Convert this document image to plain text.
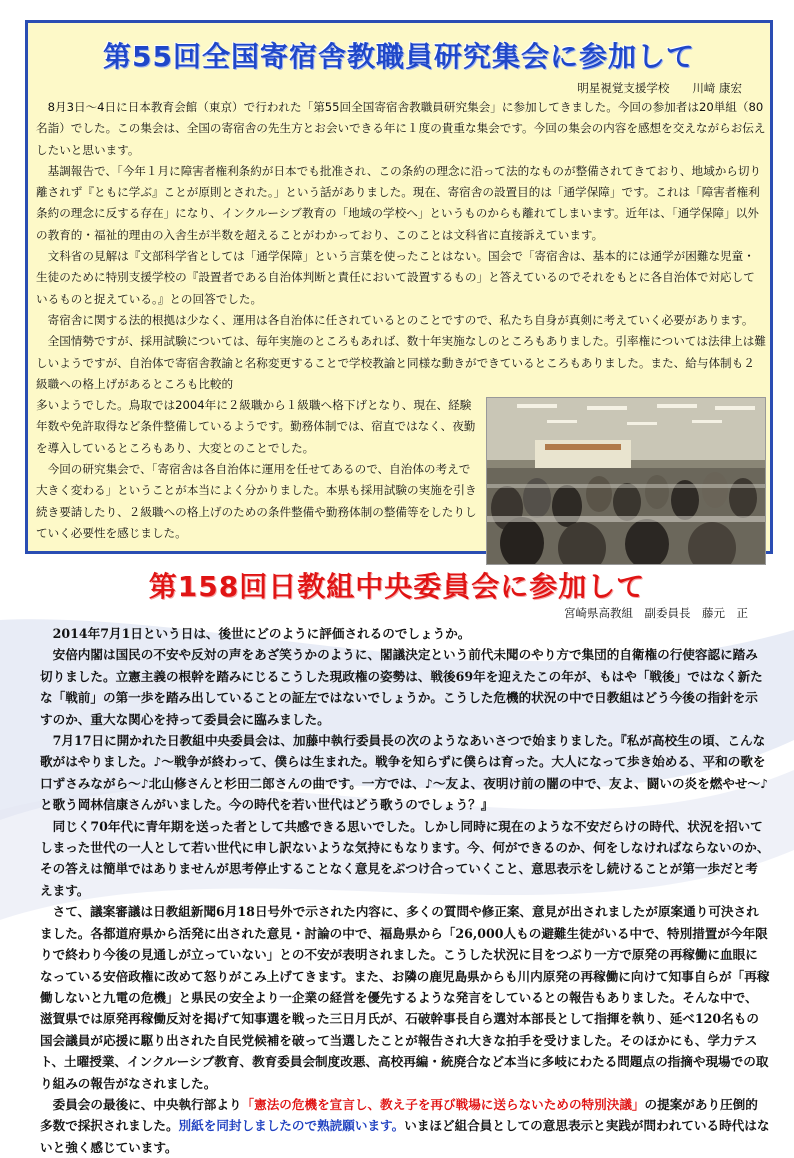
第55回全国寄宿舎教職員研究集会に参加して
明星視覚支援学校　　川﨑 康宏

8月3日～4日に日本教育会館（東京）で行われた「第55回全国寄宿舎教職員研究集会」に参加してきました。今回の参加者は20単組（80名詣）でした。この集会は、全国の寄宿舎の先生方とお会いできる年に１度の貴重な集会です。今回の集会の内容を感想を交えながらお伝えしたいと思います。

基調報告で、「今年１月に障害者権利条約が日本でも批准され、この条約の理念に沿って法的なものが整備されてきており、地域から切り離されず『ともに学ぶ』ことが原則とされた。」という話がありました。現在、寄宿舎の設置目的は「通学保障」です。これは「障害者権利条約の理念に反する存在」になり、インクルーシブ教育の「地域の学校へ」というものからも離れてしまいます。近年は、「通学保障」以外の教育的・福祉的理由の入舎生が半数を超えることがわかっており、このことは文科省に直接訴えています。

文科省の見解は『文部科学省としては「通学保障」という言葉を使ったことはない。国会で「寄宿舎は、基本的には通学が困難な児童・生徒のために特別支援学校の『設置者である自治体判断と責任において設置するもの」と答えているのでそれをもとに各自治体で対応しているものと捉えている。』との回答でした。

寄宿舎に関する法的根拠は少なく、運用は各自治体に任されているとのことですので、私たち自身が真剣に考えていく必要があります。

全国情勢ですが、採用試験については、毎年実施のところもあれば、数十年実施なしのところもありました。引率権については法律上は難しいようですが、自治体で寄宿舎教諭と名称変更することで学校教諭と同様な動きができているところもありました。また、給与体制も２級職への格上げがあるところも比較的

多いようでした。鳥取では2004年に２級職から１級職へ格下げとなり、現在、経験年数や免許取得など条件整備しているようです。勤務体制では、宿直ではなく、夜勤を導入しているところもあり、大変とのことでした。

今回の研究集会で、「寄宿舎は各自治体に運用を任せてあるので、自治体の考えで大きく変わる」ということが本当によく分かりました。本県も採用試験の実施を引き続き要請したり、２級職への格上げのための条件整備や勤務体制の整備等をしたりしていく必要性を感じました。

第158回日教組中央委員会に参加して
宮崎県高教組　副委員長　藤元　正

2014年7月1日という日は、後世にどのように評価されるのでしょうか。

安倍内閣は国民の不安や反対の声をあざ笑うかのように、閣議決定という前代未聞のやり方で集団的自衛権の行使容認に踏み切りました。立憲主義の根幹を踏みにじるこうした現政権の姿勢は、戦後69年を迎えたこの年が、もはや「戦後」ではなく新たな「戦前」の第一歩を踏み出していることの証左ではないでしょうか。こうした危機的状況の中で日教組はどう今後の指針を示すのか、重大な関心を持って委員会に臨みました。

7月17日に開かれた日教組中央委員会は、加藤中執行委員長の次のようなあいさつで始まりました。『私が高校生の頃、こんな歌がはやりました。♪～戦争が終わって、僕らは生まれた。戦争を知らずに僕らは育った。大人になって歩き始める、平和の歌を口ずさみながら～♪北山修さんと杉田二郎さんの曲です。一方では、♪～友よ、夜明け前の闇の中で、友よ、闘いの炎を燃やせ～♪と歌う岡林信康さんがいました。今の時代を若い世代はどう歌うのでしょう？』

同じく70年代に青年期を送った者として共感できる思いでした。しかし同時に現在のような不安だらけの時代、状況を招いてしまった世代の一人として若い世代に申し訳ないような気持にもなります。今、何ができるのか、何をしなければならないのか、その答えは簡単ではありませんが思考停止することなく意見をぶつけ合っていくこと、意思表示をし続けることが第一歩だと考えます。

さて、議案審議は日教組新聞6月18日号外で示された内容に、多くの質問や修正案、意見が出されましたが原案通り可決されました。各都道府県から活発に出された意見・討論の中で、福島県から「26,000人もの避難生徒がいる中で、特別措置が今年限りで終わり今後の見通しが立っていない」との不安が表明されました。こうした状況に目をつぶり一方で原発の再稼働に血眼になっている安倍政権に改めて怒りがこみ上げてきます。また、お隣の鹿児島県からも川内原発の再稼働に向けて知事自らが「再稼働しないと九電の危機」と県民の安全より一企業の経営を優先するような発言をしているとの報告もありました。そんな中で、滋賀県では原発再稼働反対を掲げて知事選を戦った三日月氏が、石破幹事長自ら選対本部長として指揮を執り、延べ120名もの国会議員が応援に駆り出された自民党候補を破って当選したことが報告され大きな拍手を受けました。そのほかにも、学力テスト、土曜授業、インクルーシブ教育、教育委員会制度改悪、高校再編・統廃合など本当に多岐にわたる問題点の指摘や現場での取り組みの報告がなされました。

委員会の最後に、中央執行部より「憲法の危機を宣言し、教え子を再び戦場に送らないための特別決議」の提案があり圧倒的多数で採択されました。別紙を同封しましたので熟読願います。いまほど組合員としての意思表示と実践が問われている時代はないと強く感じています。
